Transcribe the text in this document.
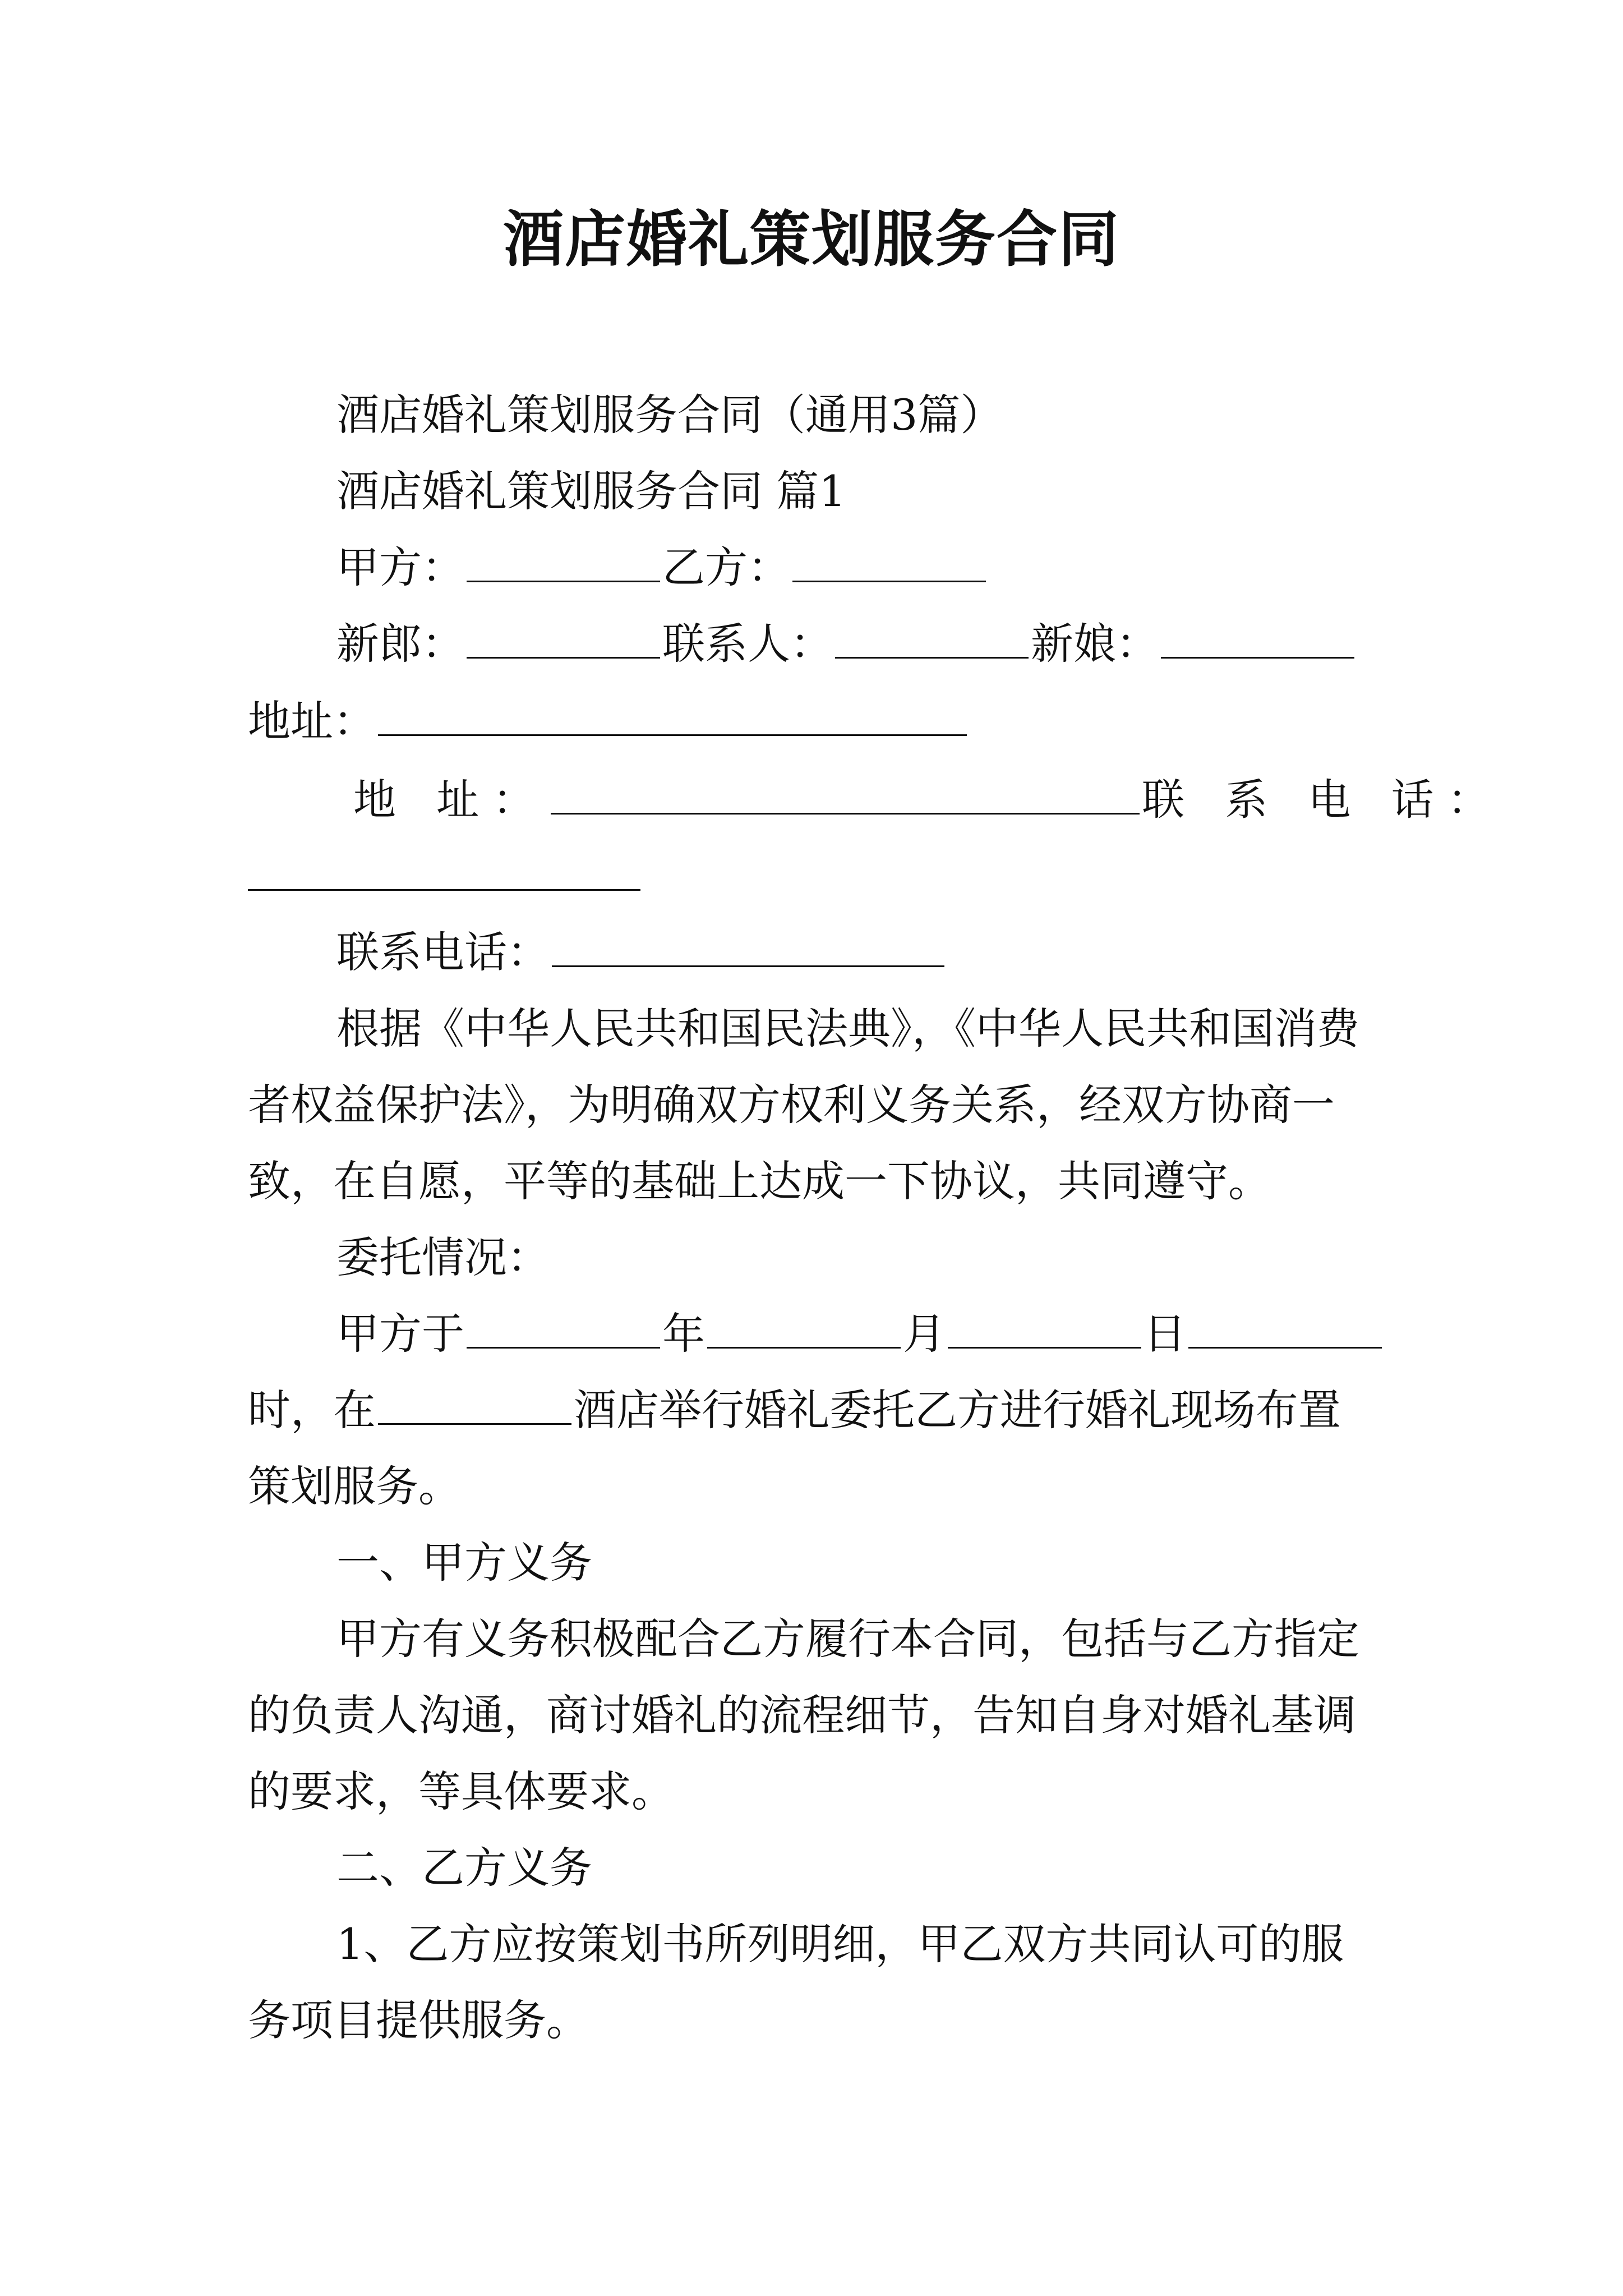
酒店婚礼策划服务合同
酒店婚礼策划服务合同（通用3篇）
酒店婚礼策划服务合同 篇1
甲方：	乙方：
新郎：	联系人：	新娘：
地址：
地 址：	联 系 电 话：
联系电话：
根据《中华人民共和国民法典》，《中华人民共和国消费
者权益保护法》，为明确双方权利义务关系，经双方协商一
致，在自愿，平等的基础上达成一下协议，共同遵守。
委托情况：
甲方于	年	月	日
时，在	酒店举行婚礼委托乙方进行婚礼现场布置
策划服务。
一、甲方义务
甲方有义务积极配合乙方履行本合同，包括与乙方指定
的负责人沟通，商讨婚礼的流程细节，告知自身对婚礼基调
的要求，等具体要求。
二、乙方义务
1、乙方应按策划书所列明细，甲乙双方共同认可的服
务项目提供服务。
